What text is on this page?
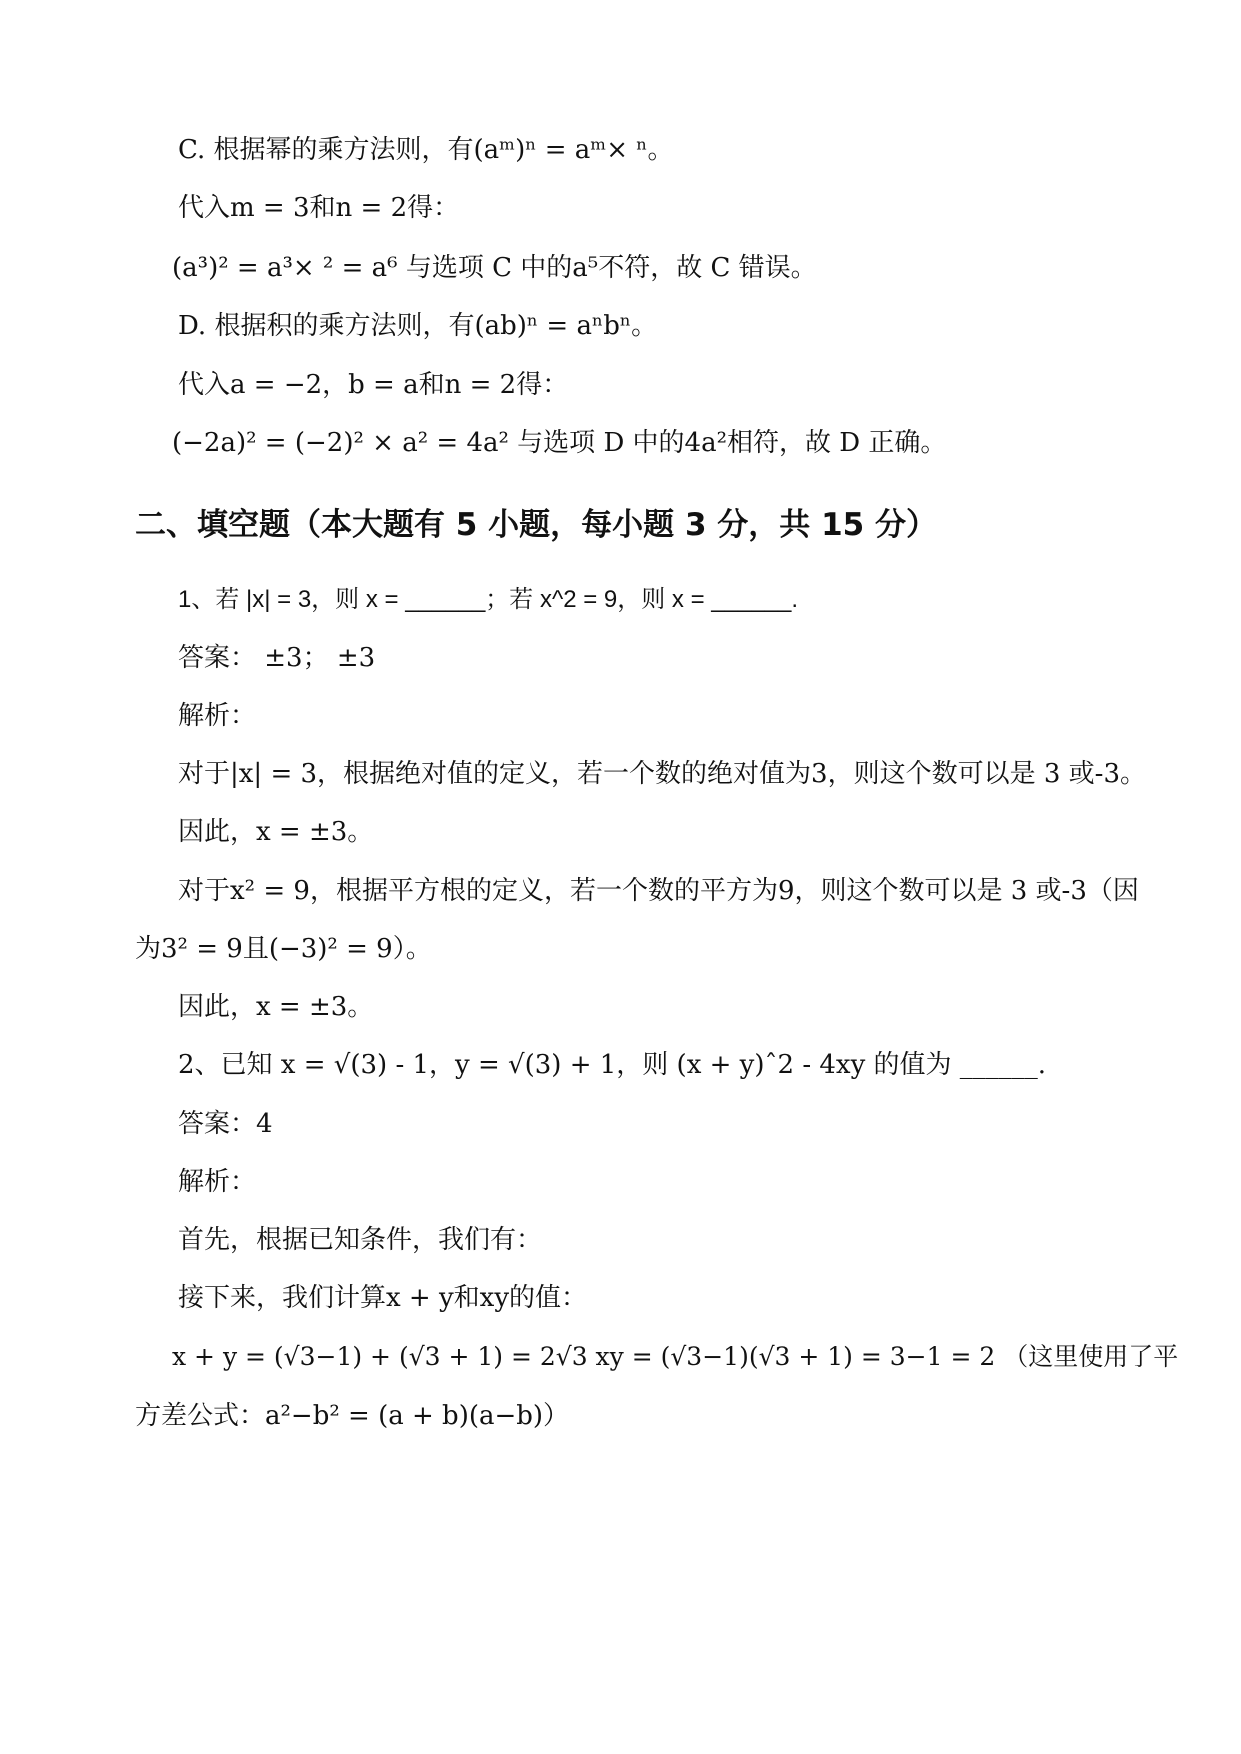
C. 根据幂的乘方法则，有(aᵐ)ⁿ = aᵐ× ⁿ。
代入m = 3和n = 2得：
(a³)² = a³× ² = a⁶ 与选项 C 中的a⁵不符，故 C 错误。
D. 根据积的乘方法则，有(ab)ⁿ = aⁿbⁿ。
代入a = −2，b = a和n = 2得：
(−2a)² = (−2)² × a² = 4a² 与选项 D 中的4a²相符，故 D 正确。
二、填空题（本大题有 5 小题，每小题 3 分，共 15 分）
1、若 |x| = 3，则 x = ______；若 x^2 = 9，则 x = ______.
答案： ±3； ±3
解析：
对于|x| = 3，根据绝对值的定义，若一个数的绝对值为3，则这个数可以是 3 或-3。
因此，x = ±3。
对于x² = 9，根据平方根的定义，若一个数的平方为9，则这个数可以是 3 或-3（因
为3² = 9且(−3)² = 9）。
因此，x = ±3。
2、已知 x = √(3) - 1，y = √(3) + 1，则 (x + y)ˆ2 - 4xy 的值为 ______.
答案：4
解析：
首先，根据已知条件，我们有：
接下来，我们计算x + y和xy的值：
x + y = (√3−1) + (√3 + 1) = 2√3 xy = (√3−1)(√3 + 1) = 3−1 = 2 （这里使用了平
方差公式：a²−b² = (a + b)(a−b)）
